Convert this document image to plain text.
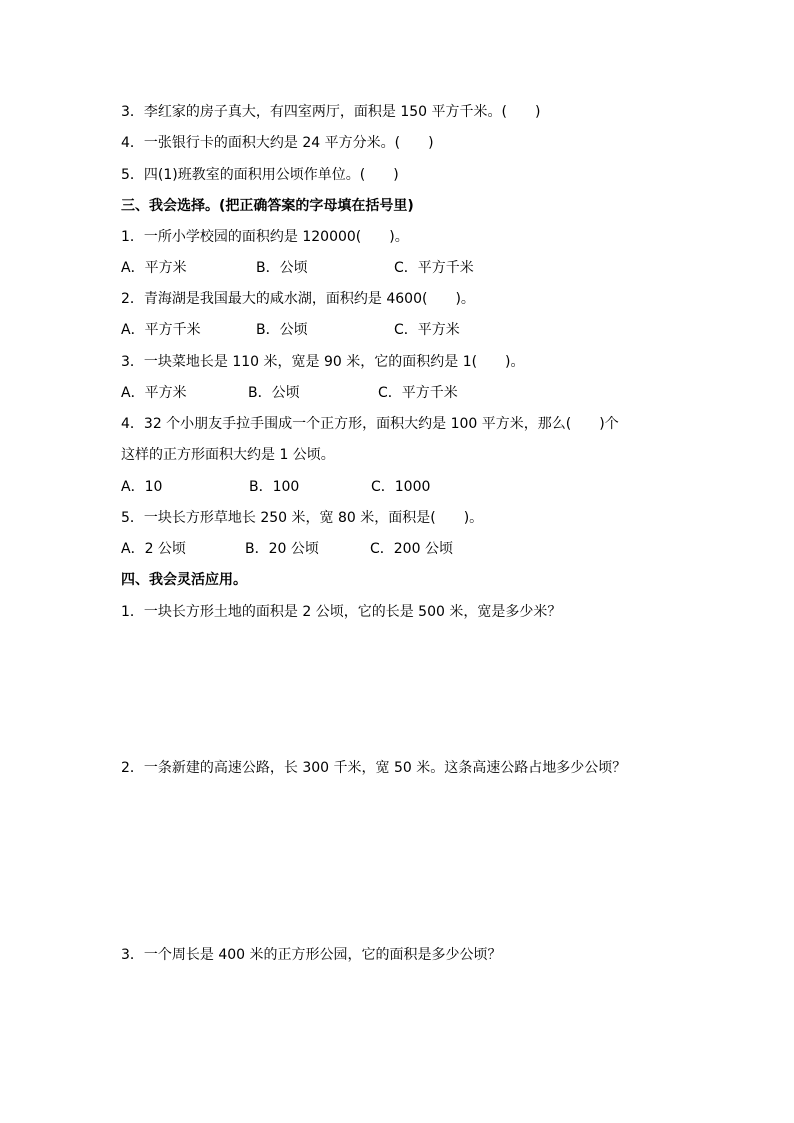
3．李红家的房子真大，有四室两厅，面积是 150 平方千米。(　　)
4．一张银行卡的面积大约是 24 平方分米。(　　)
5．四(1)班教室的面积用公顷作单位。(　　)
三、我会选择。(把正确答案的字母填在括号里)
1．一所小学校园的面积约是 120000(　　)。

A．平方米

	B．公顷

	C．平方千米

2．青海湖是我国最大的咸水湖，面积约是 4600(　　)。

A．平方千米

	B．公顷

	C．平方米

3．一块菜地长是 110 米，宽是 90 米，它的面积约是 1(　　)。

A．平方米

	B．公顷

	C．平方千米

4．32 个小朋友手拉手围成一个正方形，面积大约是 100 平方米，那么(　　)个
这样的正方形面积大约是 1 公顷。

A．10

	B．100

	C．1000

5．一块长方形草地长 250 米，宽 80 米，面积是(　　)。

A．2 公顷

	B．20 公顷

	C．200 公顷

四、我会灵活应用。
1．一块长方形土地的面积是 2 公顷，它的长是 500 米，宽是多少米？
2．一条新建的高速公路，长 300 千米，宽 50 米。这条高速公路占地多少公顷？
3．一个周长是 400 米的正方形公园，它的面积是多少公顷？
